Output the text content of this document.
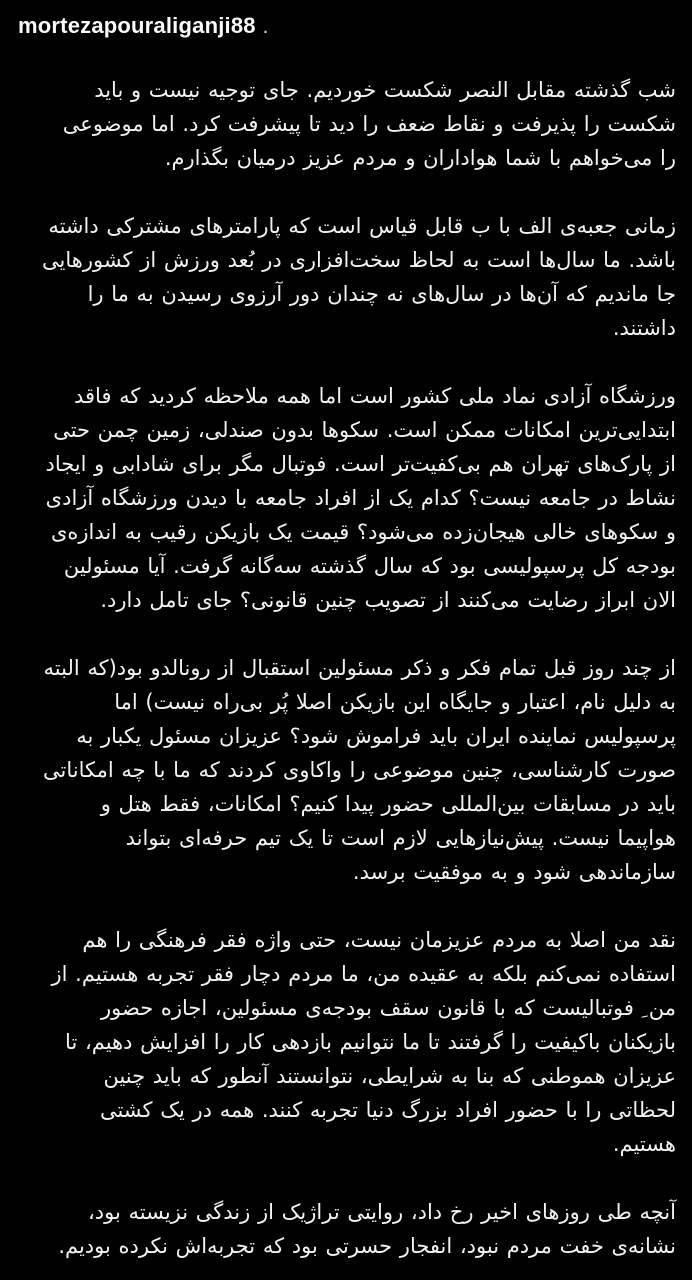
mortezapouraliganji88 .

شب گذشته مقابل النصر شکست خوردیم. جای توجیه نیست و باید شکست را پذیرفت و نقاط ضعف را دید تا پیشرفت کرد. اما موضوعی را می‌خواهم با شما هواداران و مردم عزیز درمیان بگذارم.

زمانی جعبه‌ی الف با ب قابل قیاس است که پارامترهای مشترکی داشته باشد. ما سال‌ها است به لحاظ سخت‌افزاری در بُعد ورزش از کشورهایی جا ماندیم که آن‌ها در سال‌های نه چندان دور آرزوی رسیدن به ما را داشتند.

ورزشگاه آزادی نماد ملی کشور است اما همه ملاحظه کردید که فاقد ابتدایی‌ترین امکانات ممکن است. سکوها بدون صندلی، زمین چمن حتی از پارک‌های تهران هم بی‌کفیت‌تر است. فوتبال مگر برای شادابی و ایجاد نشاط در جامعه نیست؟ کدام یک از افراد جامعه با دیدن ورزشگاه آزادی و سکوهای خالی هیجان‌زده می‌شود؟ قیمت یک بازیکن رقیب به اندازه‌ی بودجه کل پرسپولیسی بود که سال گذشته سه‌گانه گرفت. آیا مسئولین الان ابراز رضایت می‌کنند از تصویب چنین قانونی؟ جای تامل دارد.

از چند روز قبل تمام فکر و ذکر مسئولین استقبال از رونالدو بود(که البته به دلیل نام، اعتبار و جایگاه این بازیکن اصلا پُر بی‌راه نیست) اما پرسپولیس نماینده ایران باید فراموش شود؟ عزیزان مسئول یکبار به صورت کارشناسی، چنین موضوعی را واکاوی کردند که ما با چه امکاناتی باید در مسابقات بین‌المللی حضور پیدا کنیم؟ امکانات، فقط هتل و هواپیما نیست. پیش‌نیازهایی لازم است تا یک تیم حرفه‌ای بتواند سازماندهی شود و به موفقیت برسد.

نقد من اصلا به مردم عزیزمان نیست، حتی واژه فقر فرهنگی را هم استفاده نمی‌کنم بلکه به عقیده من، ما مردم دچار فقر تجربه هستیم. از من ِ فوتبالیست که با قانون سقف بودجه‌ی مسئولین، اجازه حضور بازیکنان باکیفیت را گرفتند تا ما نتوانیم بازدهی کار را افزایش دهیم، تا عزیزان هموطنی که بنا به شرایطی، نتوانستند آنطور که باید چنین لحظاتی را با حضور افراد بزرگ دنیا تجربه کنند. همه در یک کشتی هستیم.

آنچه طی روزهای اخیر رخ داد، روایتی تراژیک از زندگی نزیسته بود، نشانه‌ی خفت مردم نبود، انفجار حسرتی بود که تجربه‌اش نکرده بودیم.
